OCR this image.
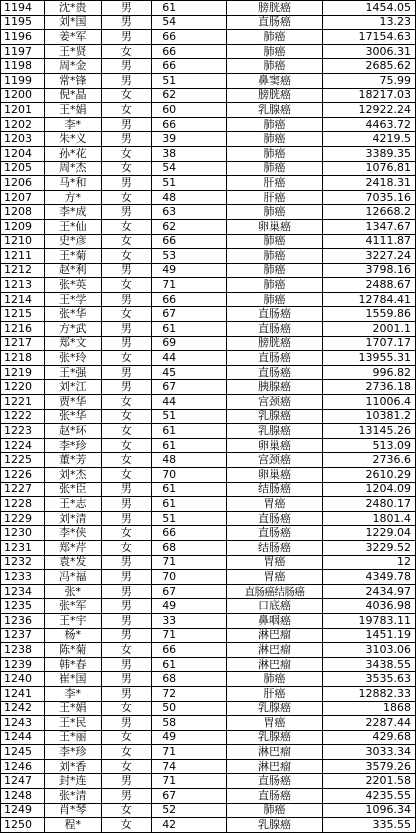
1194	沈*贵	男	61	膀胱癌	1454.05
1195	刘*国	男	54	直肠癌	13.23
1196	姜*军	男	66	肺癌	17154.63
1197	王*贤	女	66	肺癌	3006.31
1198	周*金	男	66	肺癌	2685.62
1199	常*锋	男	51	鼻窦癌	75.99
1200	倪*晶	女	62	膀胱癌	18217.03
1201	王*娟	女	60	乳腺癌	12922.24
1202	李*	男	66	肺癌	4463.72
1203	朱*义	男	39	肺癌	4219.5
1204	孙*花	女	38	肺癌	3389.35
1205	周*杰	女	54	肺癌	1076.81
1206	马*和	男	51	肝癌	2418.31
1207	方*	女	48	肝癌	7035.16
1208	李*成	男	63	肺癌	12668.2
1209	王*仙	女	62	卵巢癌	1347.67
1210	史*彦	女	66	肺癌	4111.87
1211	王*菊	女	53	肺癌	3227.24
1212	赵*利	男	49	肺癌	3798.16
1213	张*英	女	71	肺癌	2488.67
1214	王*学	男	66	肺癌	12784.41
1215	张*华	女	67	直肠癌	1559.86
1216	方*武	男	61	直肠癌	2001.1
1217	郑*文	男	69	膀胱癌	1707.17
1218	张*玲	女	44	直肠癌	13955.31
1219	王*强	男	45	直肠癌	996.82
1220	刘*江	男	67	胰腺癌	2736.18
1221	贾*华	女	44	宫颈癌	11006.4
1222	张*华	女	51	乳腺癌	10381.2
1223	赵*环	女	61	乳腺癌	13145.26
1224	李*珍	女	61	卵巢癌	513.09
1225	董*芳	女	48	宫颈癌	2736.6
1226	刘*杰	女	70	卵巢癌	2610.29
1227	张*臣	男	61	结肠癌	1204.09
1228	王*志	男	61	胃癌	2480.17
1229	刘*清	男	51	直肠癌	1801.4
1230	李*侠	女	66	直肠癌	1229.04
1231	郑*芹	女	68	结肠癌	3229.52
1232	袁*发	男	71	胃癌	12
1233	冯*福	男	70	胃癌	4349.78
1234	张*	男	67	直肠癌结肠癌	2434.97
1235	张*军	男	49	口底癌	4036.98
1236	王*宇	男	33	鼻咽癌	19783.11
1237	杨*	男	71	淋巴瘤	1451.19
1238	陈*菊	女	66	淋巴瘤	3103.06
1239	韩*春	男	61	淋巴瘤	3438.55
1240	崔*国	男	68	肺癌	3535.63
1241	李*	男	72	肝癌	12882.33
1242	王*娟	女	50	乳腺癌	1868
1243	王*民	男	58	胃癌	2287.44
1244	王*丽	女	49	乳腺癌	429.68
1245	李*珍	女	71	淋巴瘤	3033.34
1246	刘*香	女	74	淋巴瘤	3579.26
1247	封*连	男	71	直肠癌	2201.58
1248	张*清	男	67	直肠癌	4235.55
1249	肖*琴	女	52	肺癌	1096.34
1250	程*	女	42	乳腺癌	335.55
